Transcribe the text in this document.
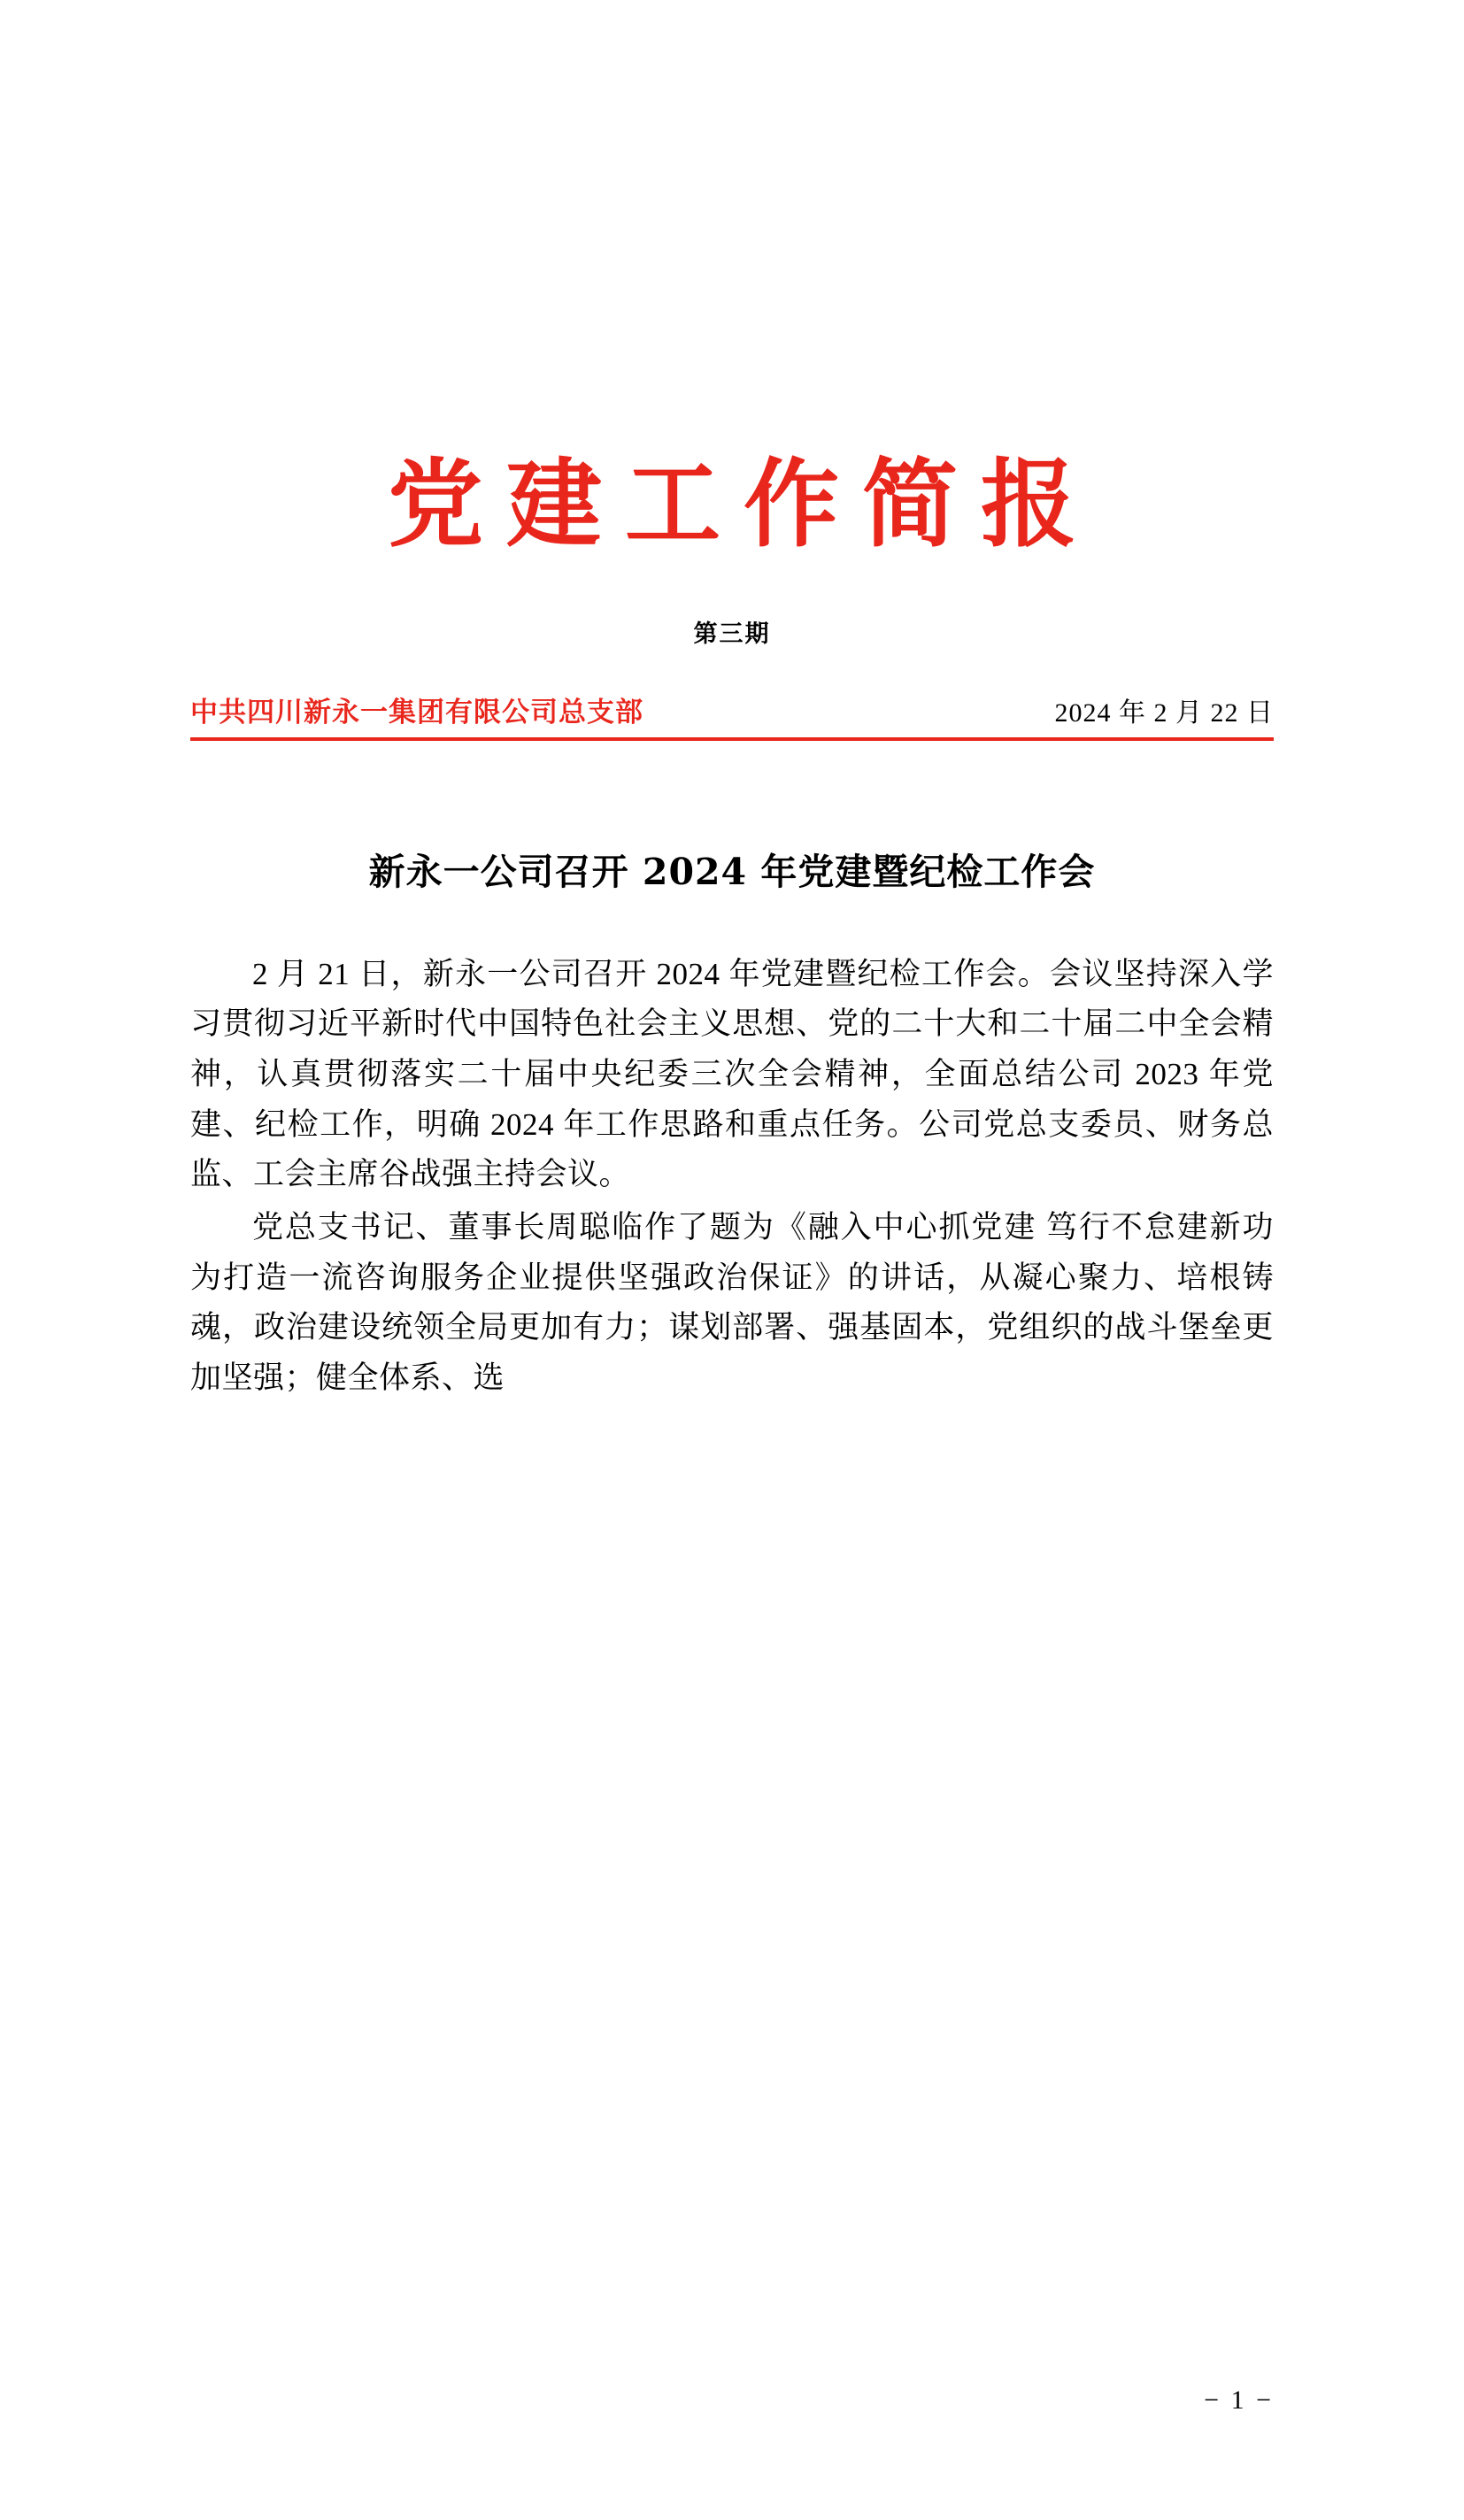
党建工作简报
第三期
中共四川新永一集团有限公司总支部	2024 年 2 月 22 日
新永一公司召开 2024 年党建暨纪检工作会

2 月 21 日，新永一公司召开 2024 年党建暨纪检工作会。会议坚持深入学习贯彻习近平新时代中国特色社会主义思想、党的二十大和二十届二中全会精神，认真贯彻落实二十届中央纪委三次全会精神，全面总结公司 2023 年党建、纪检工作，明确 2024 年工作思路和重点任务。公司党总支委员、财务总监、工会主席谷战强主持会议。

党总支书记、董事长周聪临作了题为《融入中心抓党建 笃行不怠建新功 为打造一流咨询服务企业提供坚强政治保证》的讲话，从凝心聚力、培根铸魂，政治建设统领全局更加有力；谋划部署、强基固本，党组织的战斗堡垒更加坚强；健全体系、选

− 1 −
